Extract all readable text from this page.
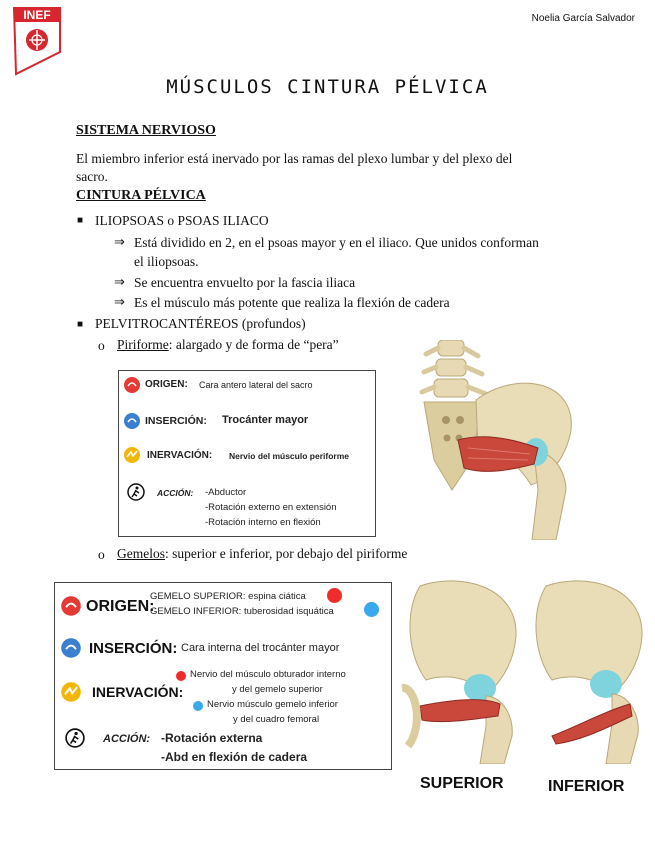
INEF	Noelia García Salvador
MÚSCULOS CINTURA PÉLVICA
SISTEMA NERVIOSO
El miembro inferior está inervado por las ramas del plexo lumbar y del plexo del
sacro.
CINTURA PÉLVICA
■ ILIOPSOAS o PSOAS ILIACO
⇒ Está dividido en 2, en el psoas mayor y en el iliaco. Que unidos conforman
el iliopsoas.
⇒ Se encuentra envuelto por la fascia iliaca
⇒ Es el músculo más potente que realiza la flexión de cadera
■ PELVITROCANTÉREOS (profundos)
o Piriforme: alargado y de forma de “pera”
ORIGEN: Cara antero lateral del sacro
INSERCIÓN: Trocánter mayor
INERVACIÓN: Nervio del músculo periforme
ACCIÓN: -Abductor
-Rotación externo en extensión
-Rotación interno en flexión
o Gemelos: superior e inferior, por debajo del piriforme
ORIGEN:
GEMELO SUPERIOR: espina ciática
GEMELO INFERIOR: tuberosidad isquática
INSERCIÓN: Cara interna del trocánter mayor
INERVACIÓN:
Nervio del músculo obturador interno
y del gemelo superior
Nervio músculo gemelo inferior
y del cuadro femoral
ACCIÓN: -Rotación externa
-Abd en flexión de cadera
SUPERIOR	INFERIOR
